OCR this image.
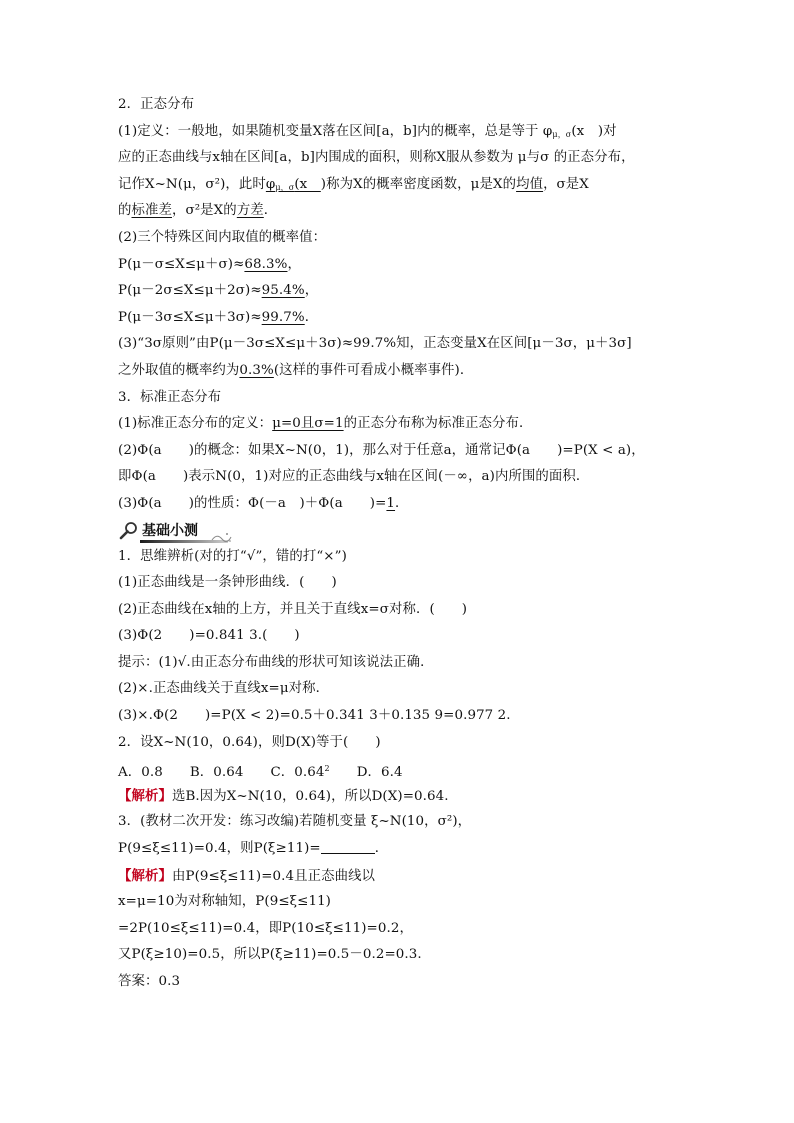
2．正态分布
(1)定义：一般地，如果随机变量X落在区间[a，b]内的概率，总是等于 $\varphi_{\mu,\sigma}(x$　)对
应的正态曲线与x轴在区间[a，b]内围成的面积，则称X服从参数为 μ与σ 的正态分布，
记作X~N(μ，σ²)，此时$\varphi_{\mu,\sigma}(x$　)称为X的概率密度函数，μ是X的均值，σ是X
的标准差，σ²是X的方差．
(2)三个特殊区间内取值的概率值：
P(μ－σ≤X≤μ＋σ)≈68.3%，
P(μ－2σ≤X≤μ＋2σ)≈95.4%，
P(μ－3σ≤X≤μ＋3σ)≈99.7%．
(3)“3σ原则”由P(μ－3σ≤X≤μ＋3σ)≈99.7%知，正态变量X在区间[μ－3σ，μ＋3σ]
之外取值的概率约为0.3%(这样的事件可看成小概率事件)．
3．标准正态分布
(1)标准正态分布的定义：μ=0且σ=1的正态分布称为标准正态分布．
(2)Φ(a　　)的概念：如果X~N(0，1)，那么对于任意a，通常记Φ(a　　)=P(X < a)，
即Φ(a　　)表示N(0，1)对应的正态曲线与x轴在区间(－∞，a)内所围的面积．
(3)Φ(a　　)的性质：Φ(－a　)＋Φ(a　　)=1．
基础小测
1．思维辨析(对的打“√”，错的打“×”)
(1)正态曲线是一条钟形曲线．(　　)
(2)正态曲线在x轴的上方，并且关于直线x=σ对称．(　　)
(3)Φ(2　　)=0.841 3.(　　)
提示：(1)√.由正态分布曲线的形状可知该说法正确．
(2)×.正态曲线关于直线x=μ对称．
(3)×.Φ(2　　)=P(X < 2)=0.5＋0.341 3＋0.135 9=0.977 2.
2．设X~N(10，0.64)，则D(X)等于(　　)
A．0.8　　B．0.64　　C．0.64$^2$　　D．6.4
【解析】选B.因为X~N(10，0.64)，所以D(X)=0.64.
3．(教材二次开发：练习改编)若随机变量 ξ~N(10，σ²)，
P(9≤ξ≤11)=0.4，则P(ξ≥11)=	．
【解析】由P(9≤ξ≤11)=0.4且正态曲线以
x=μ=10为对称轴知，P(9≤ξ≤11)
=2P(10≤ξ≤11)=0.4，即P(10≤ξ≤11)=0.2，
又P(ξ≥10)=0.5，所以P(ξ≥11)=0.5－0.2=0.3.
答案：0.3
